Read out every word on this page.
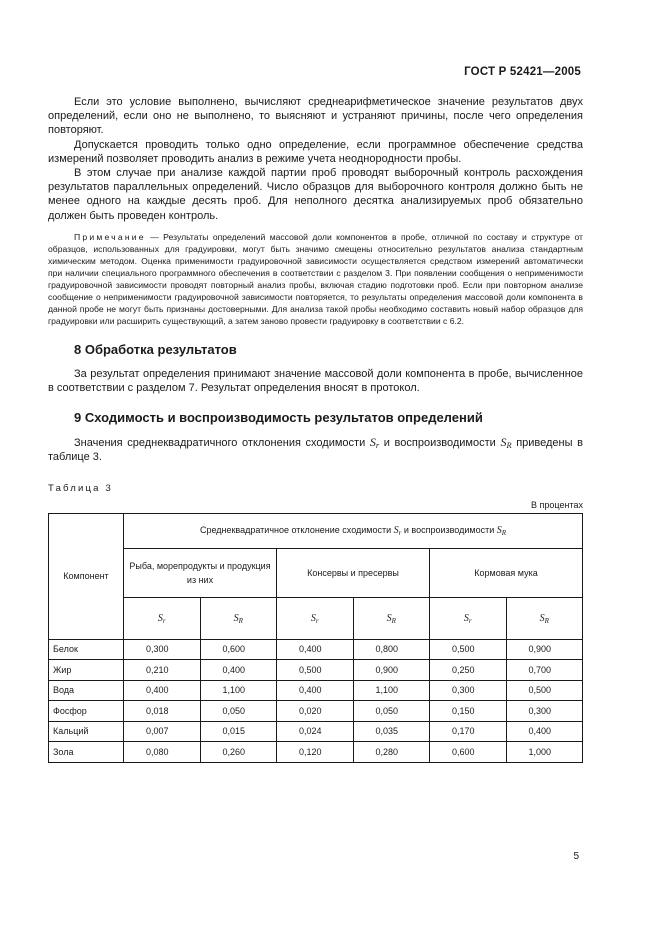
ГОСТ Р 52421—2005

Если это условие выполнено, вычисляют среднеарифметическое значение результатов двух определений, если оно не выполнено, то выясняют и устраняют причины, после чего определения повторяют.

Допускается проводить только одно определение, если программное обеспечение средства измерений позволяет проводить анализ в режиме учета неоднородности пробы.

В этом случае при анализе каждой партии проб проводят выборочный контроль расхождения результатов параллельных определений. Число образцов для выборочного контроля должно быть не менее одного на каждые десять проб. Для неполного десятка анализируемых проб обязательно должен быть проведен контроль.

Примечание — Результаты определений массовой доли компонентов в пробе, отличной по составу и структуре от образцов, использованных для градуировки, могут быть значимо смещены относительно результатов анализа стандартным химическим методом. Оценка применимости градуировочной зависимости осуществляется средством измерений автоматически при наличии специального программного обеспечения в соответствии с разделом 3. При появлении сообщения о неприменимости градуировочной зависимости проводят повторный анализ пробы, включая стадию подготовки проб. Если при повторном анализе сообщение о неприменимости градуировочной зависимости повторяется, то результаты определения массовой доли компонента в данной пробе не могут быть признаны достоверными. Для анализа такой пробы необходимо составить новый набор образцов для градуировки или расширить существующий, а затем заново провести градуировку в соответствии с 6.2.

8 Обработка результатов

За результат определения принимают значение массовой доли компонента в пробе, вычисленное в соответствии с разделом 7. Результат определения вносят в протокол.

9 Сходимость и воспроизводимость результатов определений

Значения среднеквадратичного отклонения сходимости $S_r$ и воспроизводимости $S_R$ приведены в таблице 3.

Таблица 3

В процентах

Компонент	Среднеквадратичное отклонение сходимости $S_r$ и воспроизводимости $S_R$
	Рыба, морепродукты и продукция из них		Консервы и пресервы		Кормовая мука	
	$S_r$	$S_R$	$S_r$	$S_R$	$S_r$	$S_R$
Белок	0,300	0,600	0,400	0,800	0,500	0,900
Жир	0,210	0,400	0,500	0,900	0,250	0,700
Вода	0,400	1,100	0,400	1,100	0,300	0,500
Фосфор	0,018	0,050	0,020	0,050	0,150	0,300
Кальций	0,007	0,015	0,024	0,035	0,170	0,400
Зола	0,080	0,260	0,120	0,280	0,600	1,000
5
